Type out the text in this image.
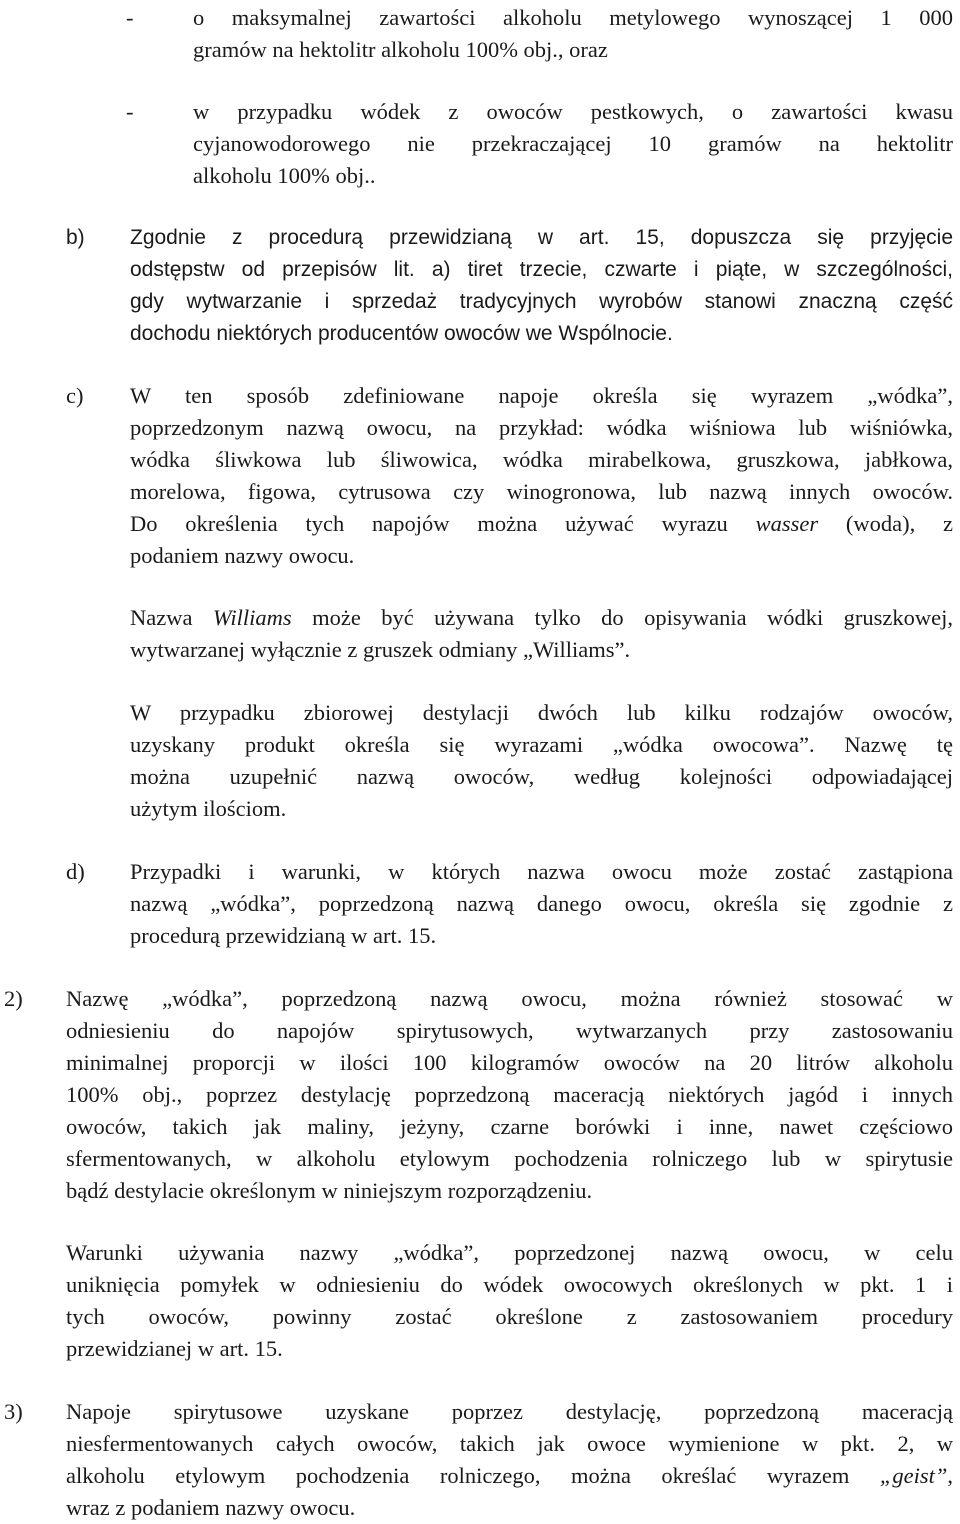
-	o maksymalnej zawartości alkoholu metylowego wynoszącej 1 000
gramów na hektolitr alkoholu 100% obj., oraz
-	w przypadku wódek z owoców pestkowych, o zawartości kwasu
cyjanowodorowego nie przekraczającej 10 gramów na hektolitr
alkoholu 100% obj..
b) Zgodnie z procedurą przewidzianą w art. 15, dopuszcza się przyjęcie
odstępstw od przepisów lit. a) tiret trzecie, czwarte i piąte, w szczególności,
gdy wytwarzanie i sprzedaż tradycyjnych wyrobów stanowi znaczną część
dochodu niektórych producentów owoców we Wspólnocie.
c) W ten sposób zdefiniowane napoje określa się wyrazem „wódka”,
poprzedzonym nazwą owocu, na przykład: wódka wiśniowa lub wiśniówka,
wódka śliwkowa lub śliwowica, wódka mirabelkowa, gruszkowa, jabłkowa,
morelowa, figowa, cytrusowa czy winogronowa, lub nazwą innych owoców.
Do określenia tych napojów można używać wyrazu wasser (woda), z
podaniem nazwy owocu.
Nazwa Williams może być używana tylko do opisywania wódki gruszkowej,
wytwarzanej wyłącznie z gruszek odmiany „Williams”.
W przypadku zbiorowej destylacji dwóch lub kilku rodzajów owoców,
uzyskany produkt określa się wyrazami „wódka owocowa”. Nazwę tę
można uzupełnić nazwą owoców, według kolejności odpowiadającej
użytym ilościom.
d) Przypadki i warunki, w których nazwa owocu może zostać zastąpiona
nazwą „wódka”, poprzedzoną nazwą danego owocu, określa się zgodnie z
procedurą przewidzianą w art. 15.
2) Nazwę „wódka”, poprzedzoną nazwą owocu, można również stosować w
odniesieniu do napojów spirytusowych, wytwarzanych przy zastosowaniu
minimalnej proporcji w ilości 100 kilogramów owoców na 20 litrów alkoholu
100% obj., poprzez destylację poprzedzoną maceracją niektórych jagód i innych
owoców, takich jak maliny, jeżyny, czarne borówki i inne, nawet częściowo
sfermentowanych, w alkoholu etylowym pochodzenia rolniczego lub w spirytusie
bądź destylacie określonym w niniejszym rozporządzeniu.
Warunki używania nazwy „wódka”, poprzedzonej nazwą owocu, w celu
uniknięcia pomyłek w odniesieniu do wódek owocowych określonych w pkt. 1 i
tych owoców, powinny zostać określone z zastosowaniem procedury
przewidzianej w art. 15.
3) Napoje spirytusowe uzyskane poprzez destylację, poprzedzoną maceracją
niesfermentowanych całych owoców, takich jak owoce wymienione w pkt. 2, w
alkoholu etylowym pochodzenia rolniczego, można określać wyrazem „geist”,
wraz z podaniem nazwy owocu.
